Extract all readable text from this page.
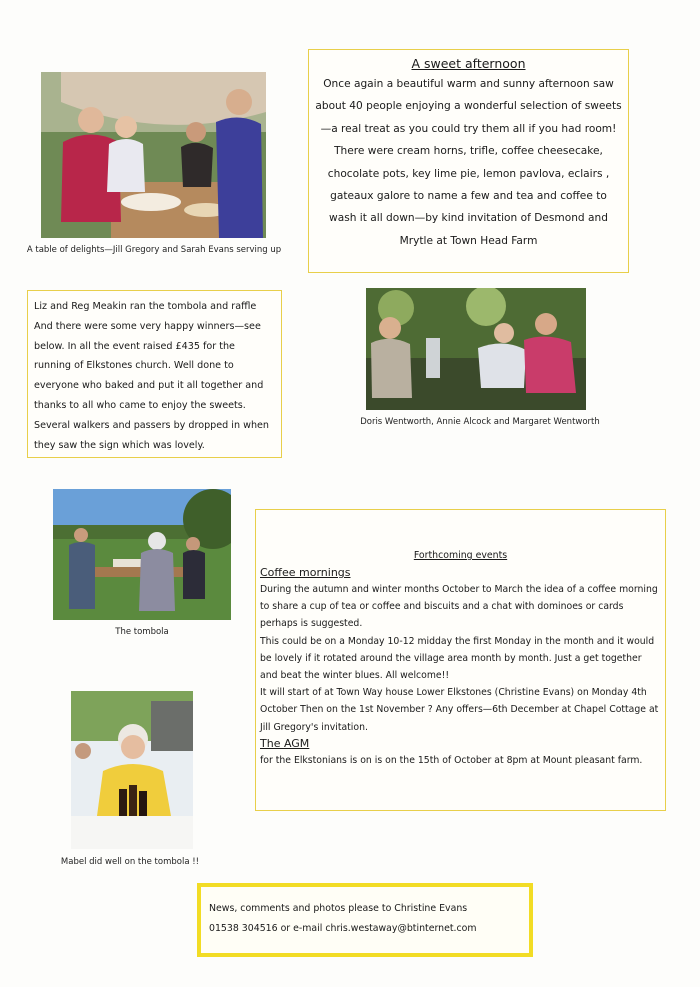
A table of delights—Jill Gregory and Sarah Evans serving up

A sweet afternoon

Once again a beautiful warm and sunny afternoon saw about 40 people enjoying a wonderful selection of sweets—a real treat as you could try them all if you had room! There were cream horns, trifle, coffee cheesecake, chocolate pots, key lime pie, lemon pavlova, eclairs , gateaux galore to name a few and tea and coffee to wash it all down—by kind invitation of Desmond and Mrytle at Town Head Farm

Liz and Reg Meakin ran the tombola and raffle And there were some very happy winners—see below. In all the event raised £435 for the running of Elkstones church. Well done to everyone who baked and put it all together and thanks to all who came to enjoy the sweets. Several walkers and passers by dropped in when they saw the sign which was lovely.

Doris Wentworth, Annie Alcock and Margaret Wentworth
The tombola

Forthcoming events

Coffee mornings

During the autumn and winter months October to March the idea of a coffee morning to share a cup of tea or coffee and biscuits and a chat with dominoes or cards perhaps is suggested.

This could be on a Monday 10-12 midday the first Monday in the month and it would be lovely if it rotated around the village area month by month. Just a get together and beat the winter blues. All welcome!!

It will start of at Town Way house Lower Elkstones (Christine Evans) on Monday 4th October Then on the 1st November ? Any offers—6th December at Chapel Cottage at Jill Gregory's invitation.

The AGM

for the Elkstonians is on is on the 15th of October at 8pm at Mount pleasant farm.

Mabel did well on the tombola !!

News, comments and photos please to Christine Evans

01538 304516 or e-mail chris.westaway@btinternet.com
